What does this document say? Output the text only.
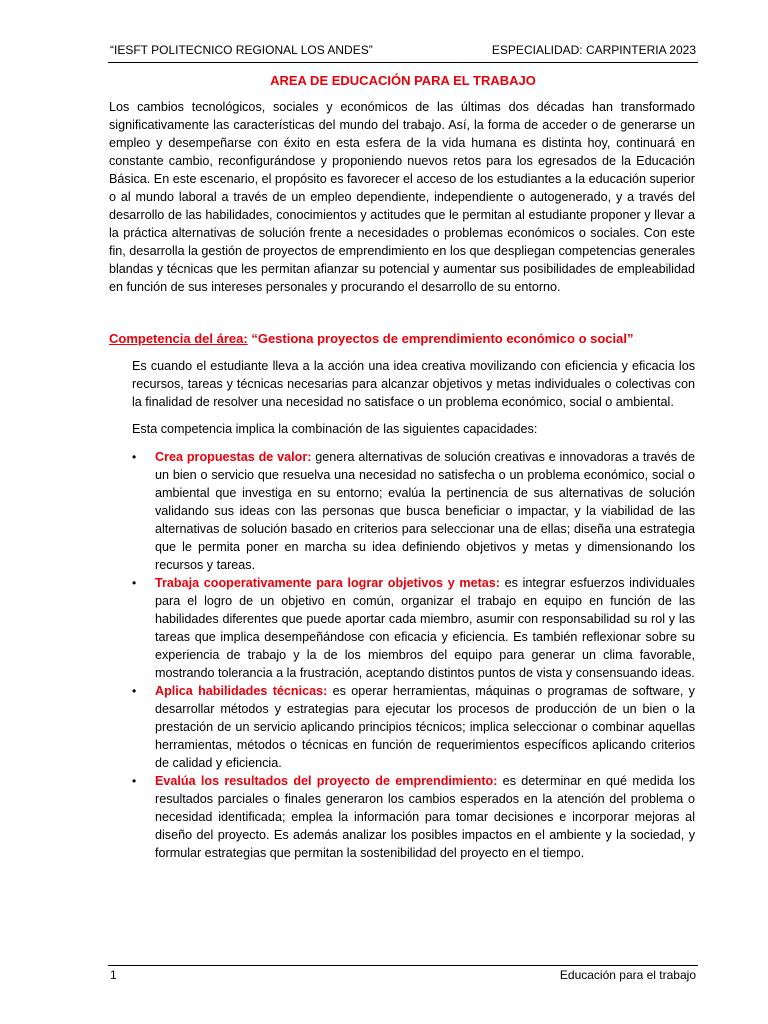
“IESFT POLITECNICO REGIONAL LOS ANDES”	ESPECIALIDAD: CARPINTERIA 2023
AREA DE EDUCACIÓN PARA EL TRABAJO

Los cambios tecnológicos, sociales y económicos de las últimas dos décadas han transformado significativamente las características del mundo del trabajo. Así, la forma de acceder o de generarse un empleo y desempeñarse con éxito en esta esfera de la vida humana es distinta hoy, continuará en constante cambio, reconfigurándose y proponiendo nuevos retos para los egresados de la Educación Básica. En este escenario, el propósito es favorecer el acceso de los estudiantes a la educación superior o al mundo laboral a través de un empleo dependiente, independiente o autogenerado, y a través del desarrollo de las habilidades, conocimientos y actitudes que le permitan al estudiante proponer y llevar a la práctica alternativas de solución frente a necesidades o problemas económicos o sociales. Con este fin, desarrolla la gestión de proyectos de emprendimiento en los que despliegan competencias generales blandas y técnicas que les permitan afianzar su potencial y aumentar sus posibilidades de empleabilidad en función de sus intereses personales y procurando el desarrollo de su entorno.

Competencia del área: “Gestiona proyectos de emprendimiento económico o social”

Es cuando el estudiante lleva a la acción una idea creativa movilizando con eficiencia y eficacia los recursos, tareas y técnicas necesarias para alcanzar objetivos y metas individuales o colectivas con la finalidad de resolver una necesidad no satisface o un problema económico, social o ambiental.

Esta competencia implica la combinación de las siguientes capacidades:

• Crea propuestas de valor: genera alternativas de solución creativas e innovadoras a través de un bien o servicio que resuelva una necesidad no satisfecha o un problema económico, social o ambiental que investiga en su entorno; evalúa la pertinencia de sus alternativas de solución validando sus ideas con las personas que busca beneficiar o impactar, y la viabilidad de las alternativas de solución basado en criterios para seleccionar una de ellas; diseña una estrategia que le permita poner en marcha su idea definiendo objetivos y metas y dimensionando los recursos y tareas.
• Trabaja cooperativamente para lograr objetivos y metas: es integrar esfuerzos individuales para el logro de un objetivo en común, organizar el trabajo en equipo en función de las habilidades diferentes que puede aportar cada miembro, asumir con responsabilidad su rol y las tareas que implica desempeñándose con eficacia y eficiencia. Es también reflexionar sobre su experiencia de trabajo y la de los miembros del equipo para generar un clima favorable, mostrando tolerancia a la frustración, aceptando distintos puntos de vista y consensuando ideas.
• Aplica habilidades técnicas: es operar herramientas, máquinas o programas de software, y desarrollar métodos y estrategias para ejecutar los procesos de producción de un bien o la prestación de un servicio aplicando principios técnicos; implica seleccionar o combinar aquellas herramientas, métodos o técnicas en función de requerimientos específicos aplicando criterios de calidad y eficiencia.
• Evalúa los resultados del proyecto de emprendimiento: es determinar en qué medida los resultados parciales o finales generaron los cambios esperados en la atención del problema o necesidad identificada; emplea la información para tomar decisiones e incorporar mejoras al diseño del proyecto. Es además analizar los posibles impactos en el ambiente y la sociedad, y formular estrategias que permitan la sostenibilidad del proyecto en el tiempo.
1	Educación para el trabajo
